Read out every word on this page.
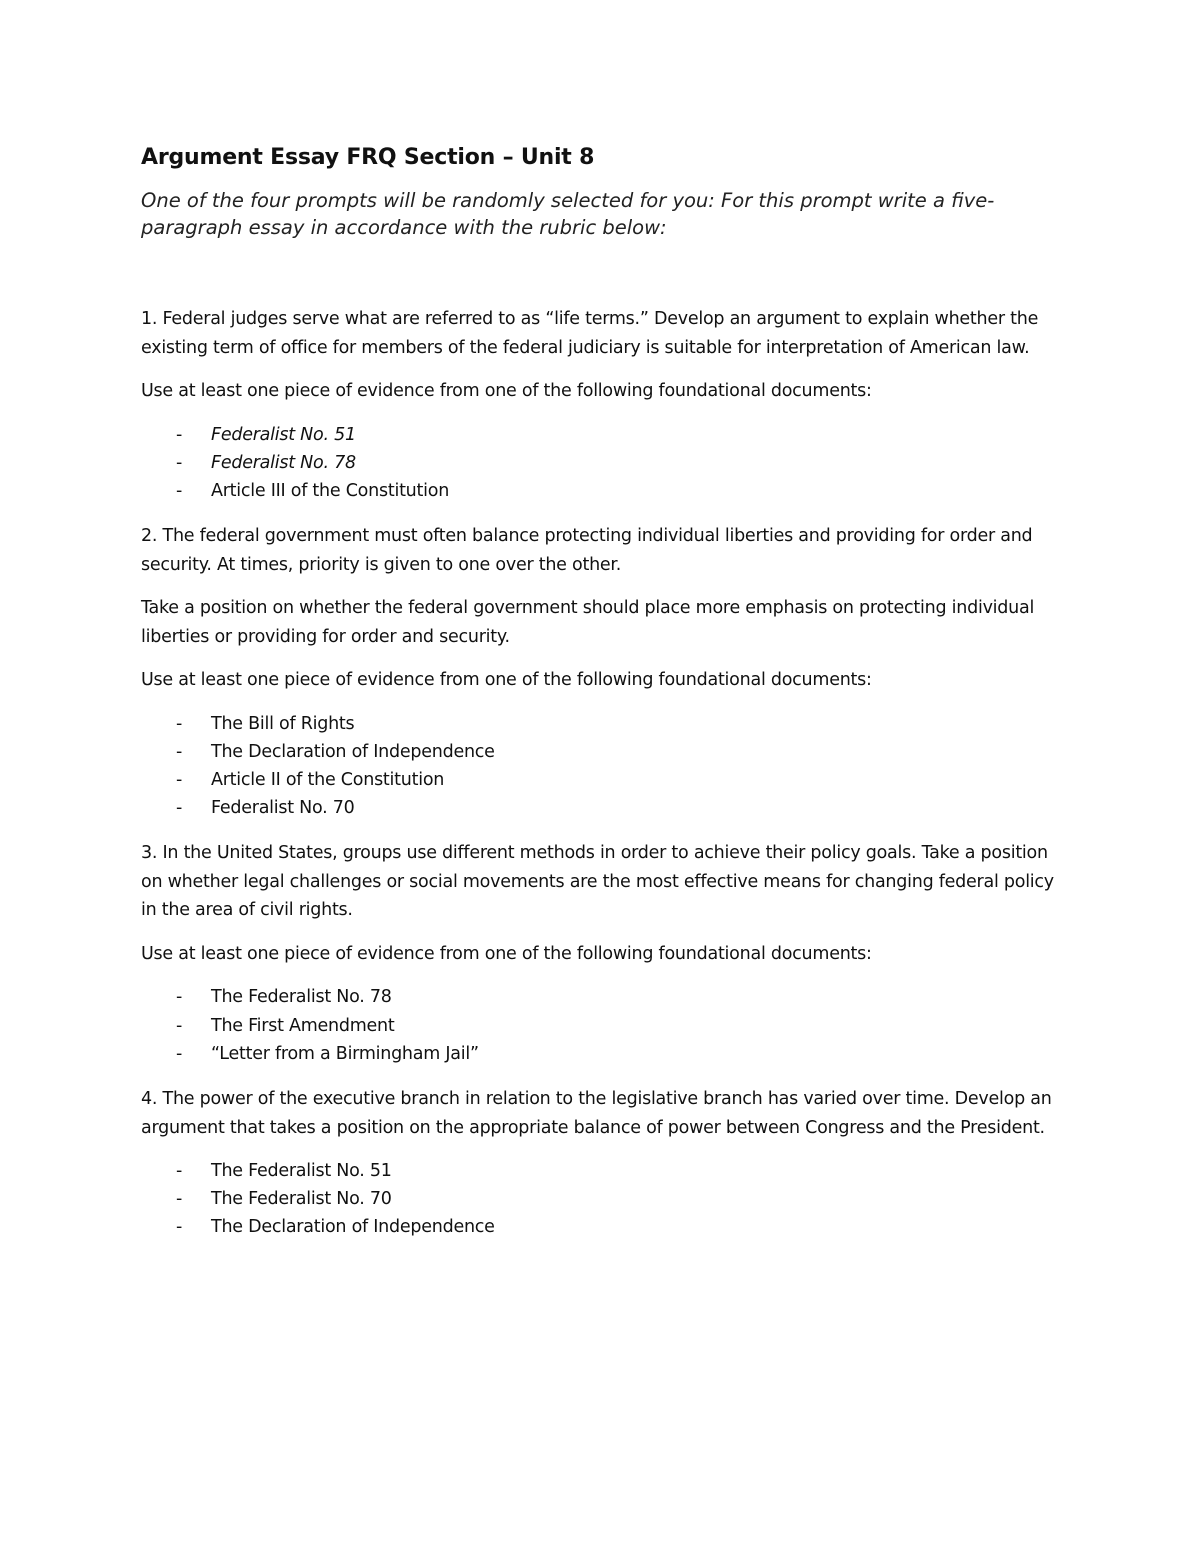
Argument Essay FRQ Section – Unit 8

One of the four prompts will be randomly selected for you: For this prompt write a five-paragraph essay in accordance with the rubric below:

1. Federal judges serve what are referred to as “life terms.” Develop an argument to explain whether the existing term of office for members of the federal judiciary is suitable for interpretation of American law.

Use at least one piece of evidence from one of the following foundational documents:

- Federalist No. 51
- Federalist No. 78
- Article III of the Constitution

2. The federal government must often balance protecting individual liberties and providing for order and security. At times, priority is given to one over the other.

Take a position on whether the federal government should place more emphasis on protecting individual liberties or providing for order and security.

Use at least one piece of evidence from one of the following foundational documents:

- The Bill of Rights
- The Declaration of Independence
- Article II of the Constitution
- Federalist No. 70

3. In the United States, groups use different methods in order to achieve their policy goals. Take a position on whether legal challenges or social movements are the most effective means for changing federal policy in the area of civil rights.

Use at least one piece of evidence from one of the following foundational documents:

- The Federalist No. 78
- The First Amendment
- “Letter from a Birmingham Jail”

4. The power of the executive branch in relation to the legislative branch has varied over time. Develop an argument that takes a position on the appropriate balance of power between Congress and the President.

- The Federalist No. 51
- The Federalist No. 70
- The Declaration of Independence
